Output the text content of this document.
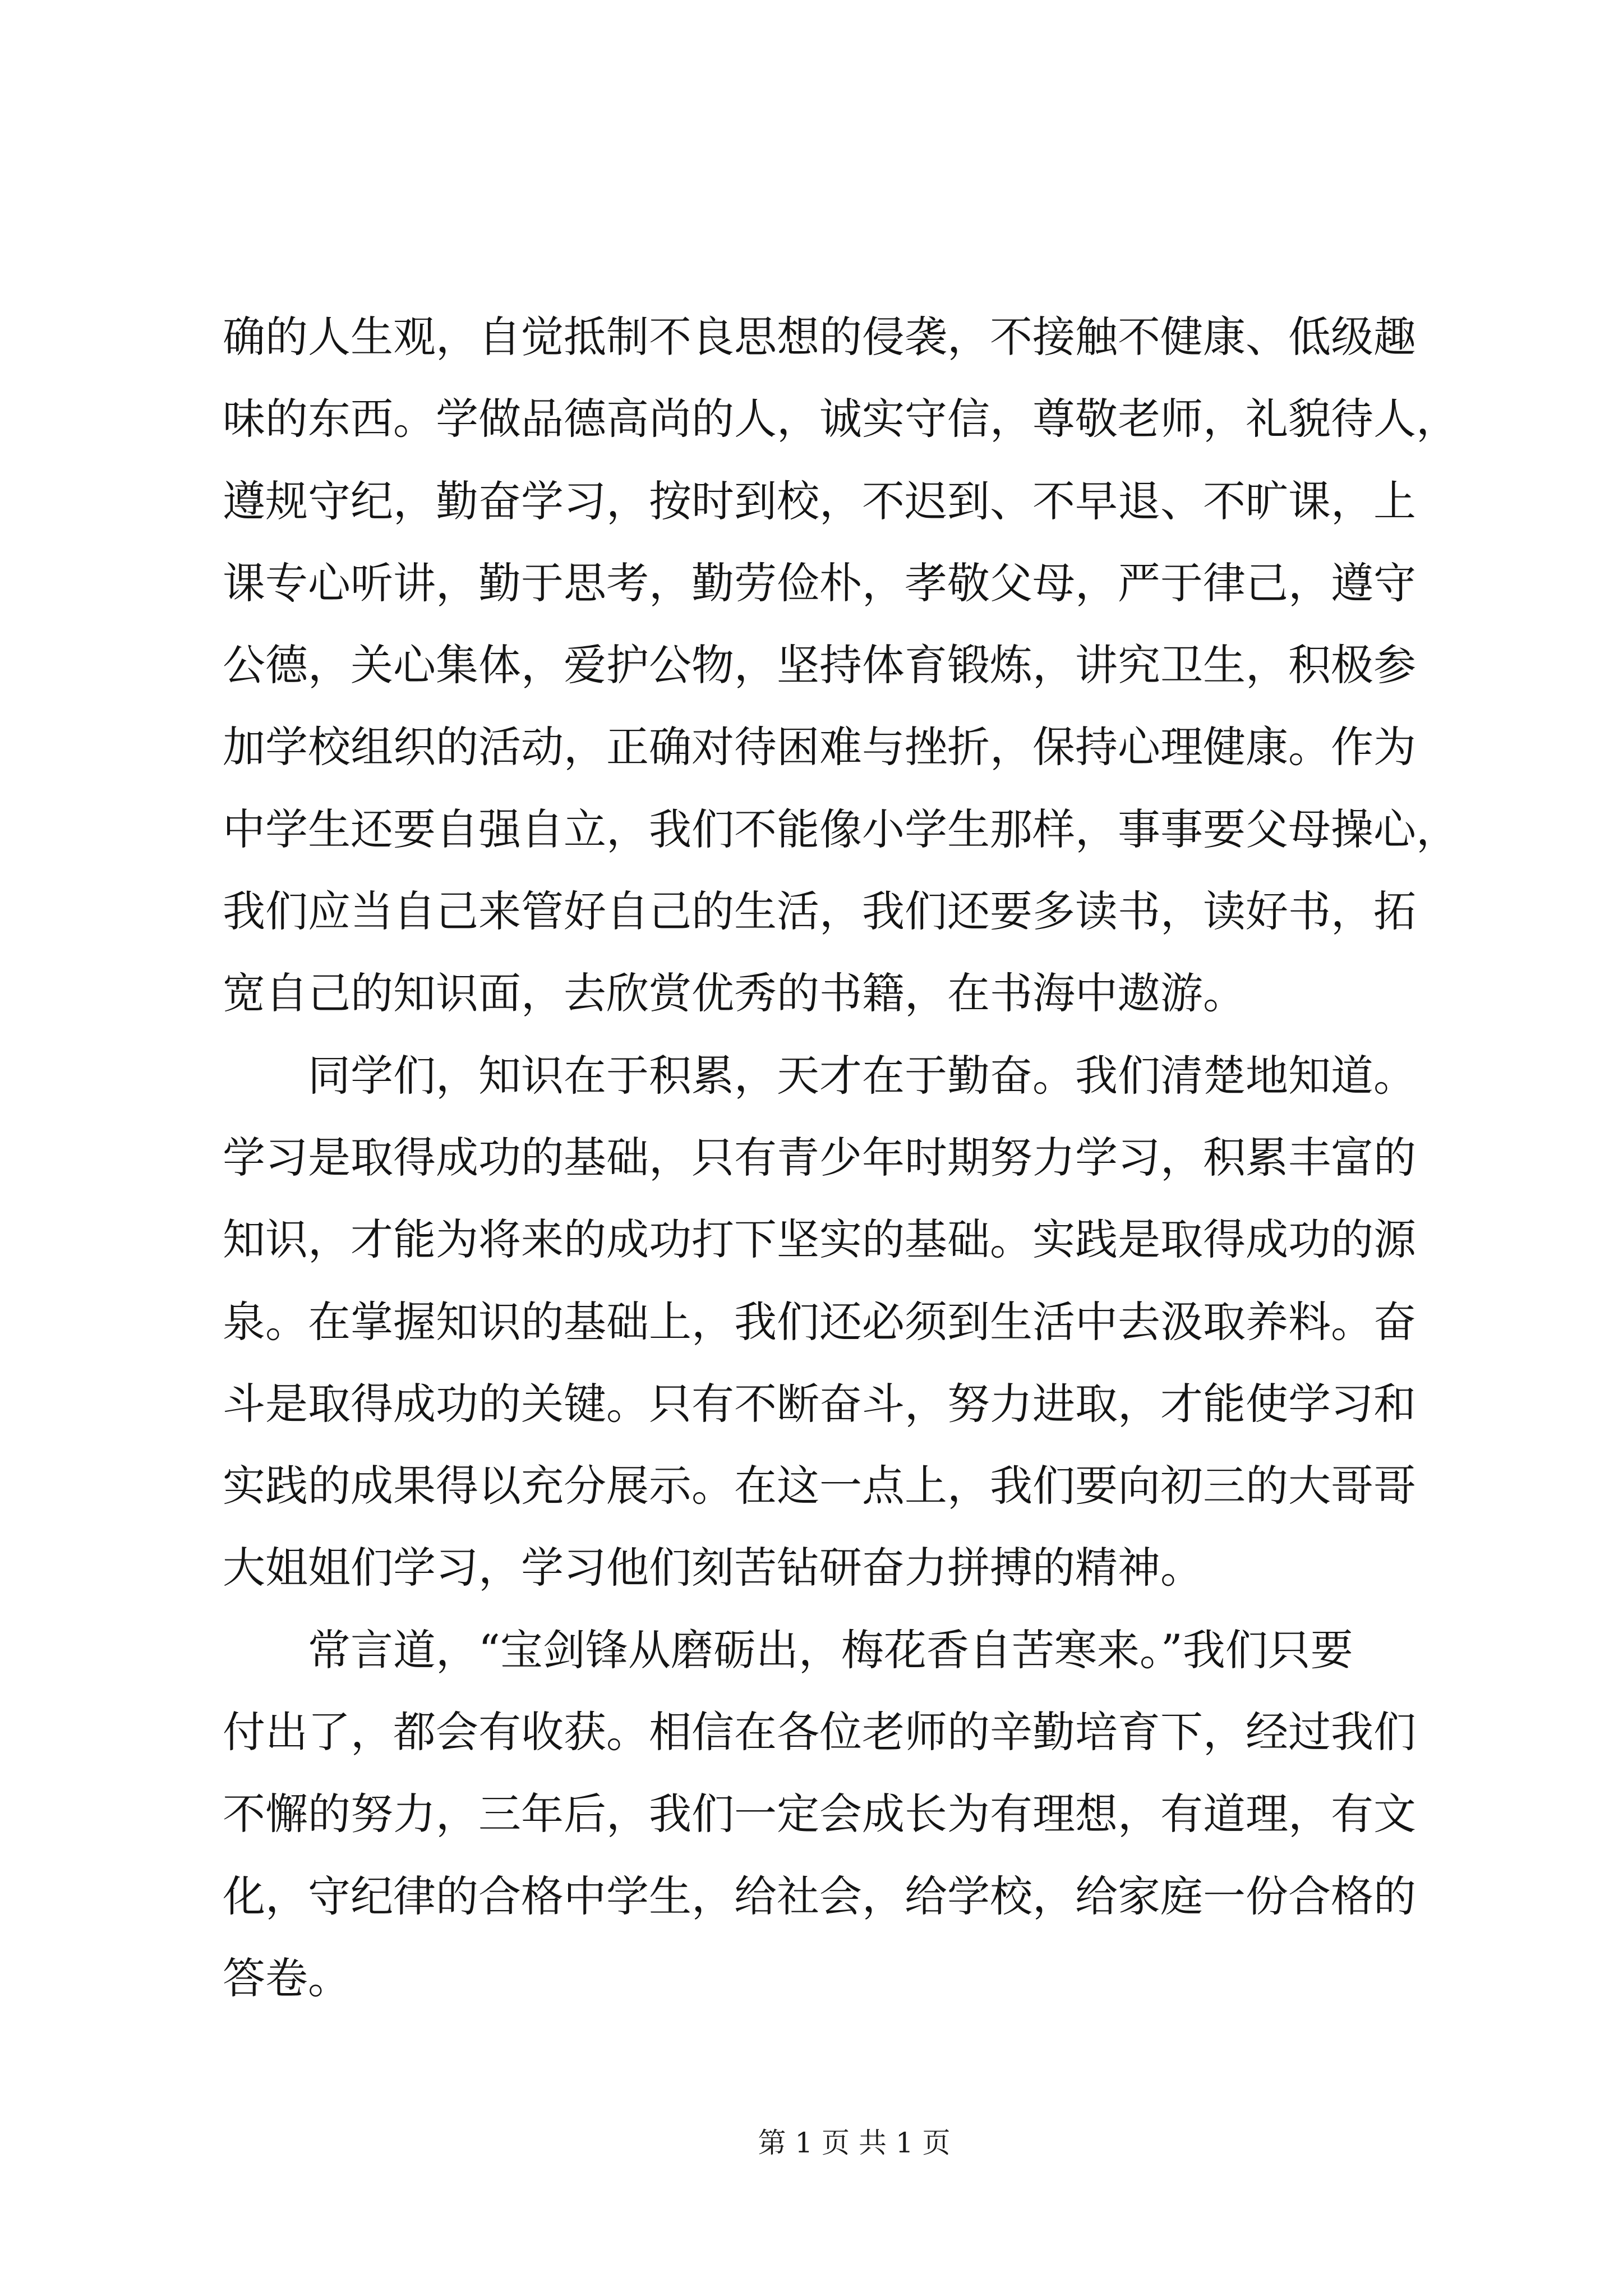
确的人生观，自觉抵制不良思想的侵袭，不接触不健康、低级趣
味的东西。学做品德高尚的人，诚实守信，尊敬老师，礼貌待人，
遵规守纪，勤奋学习，按时到校，不迟到、不早退、不旷课，上
课专心听讲，勤于思考，勤劳俭朴，孝敬父母，严于律己，遵守
公德，关心集体，爱护公物，坚持体育锻炼，讲究卫生，积极参
加学校组织的活动，正确对待困难与挫折，保持心理健康。作为
中学生还要自强自立，我们不能像小学生那样，事事要父母操心，
我们应当自己来管好自己的生活，我们还要多读书，读好书，拓
宽自己的知识面，去欣赏优秀的书籍，在书海中遨游。
同学们，知识在于积累，天才在于勤奋。我们清楚地知道。
学习是取得成功的基础，只有青少年时期努力学习，积累丰富的
知识，才能为将来的成功打下坚实的基础。实践是取得成功的源
泉。在掌握知识的基础上，我们还必须到生活中去汲取养料。奋
斗是取得成功的关键。只有不断奋斗，努力进取，才能使学习和
实践的成果得以充分展示。在这一点上，我们要向初三的大哥哥
大姐姐们学习，学习他们刻苦钻研奋力拼搏的精神。
常言道，“宝剑锋从磨砺出，梅花香自苦寒来。”我们只要
付出了，都会有收获。相信在各位老师的辛勤培育下，经过我们
不懈的努力，三年后，我们一定会成长为有理想，有道理，有文
化，守纪律的合格中学生，给社会，给学校，给家庭一份合格的
答卷。
第 1 页 共 1 页
